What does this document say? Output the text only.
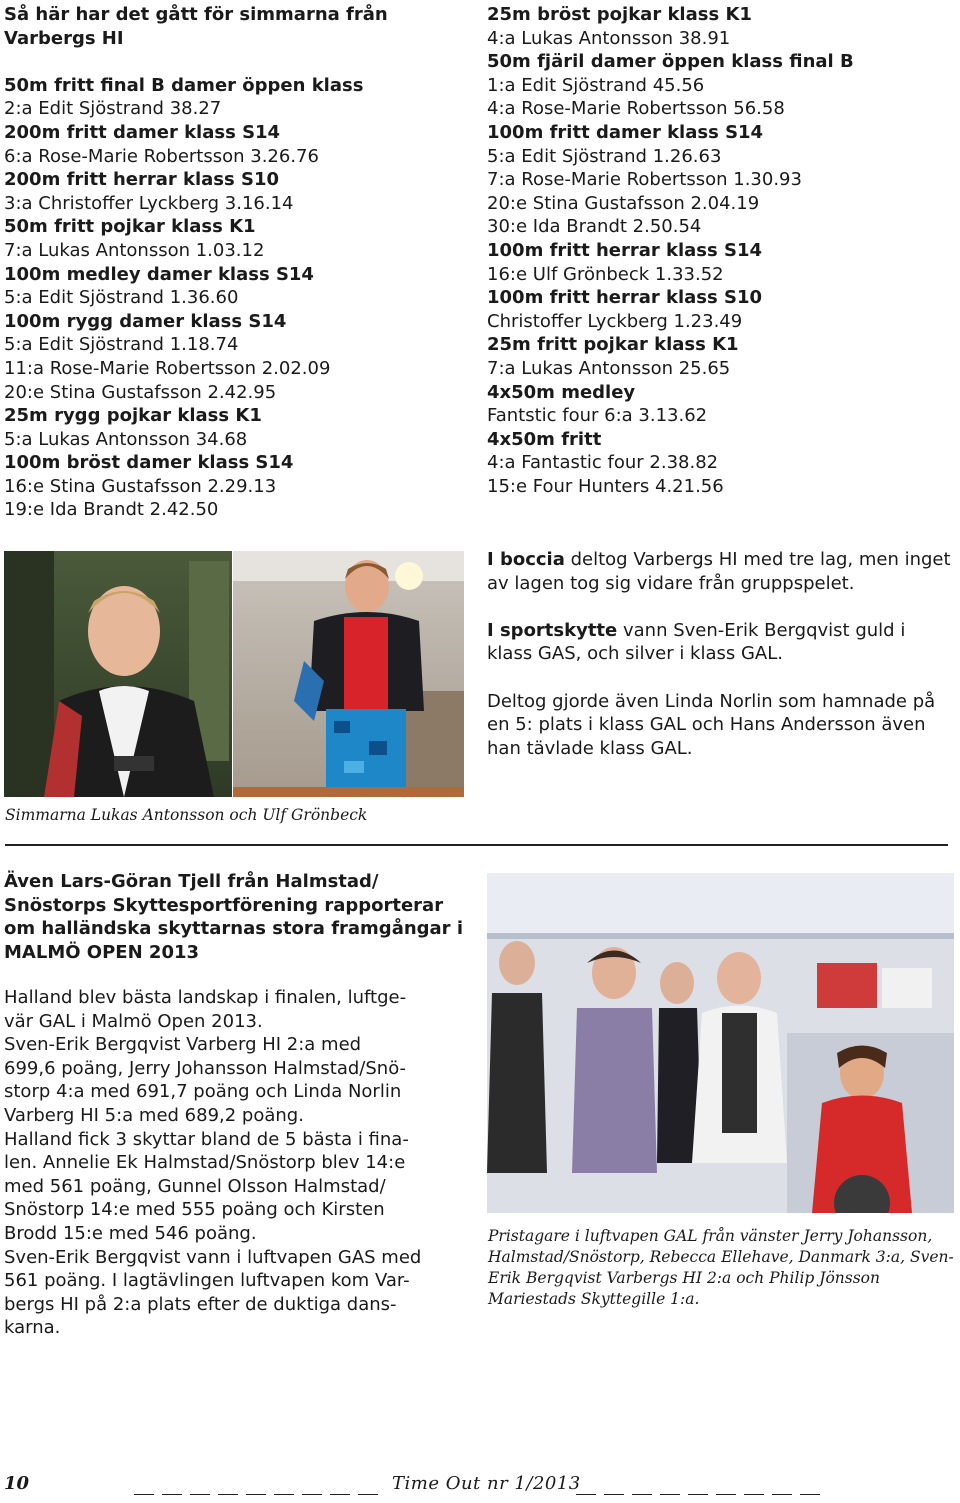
Så här har det gått för simmarna från Varbergs HI
50m fritt final B damer öppen klass
2:a Edit Sjöstrand 38.27
200m fritt damer klass S14
6:a Rose-Marie Robertsson 3.26.76
200m fritt herrar klass S10
3:a Christoffer Lyckberg 3.16.14
50m fritt pojkar klass K1
7:a Lukas Antonsson 1.03.12
100m medley damer klass S14
5:a Edit Sjöstrand 1.36.60
100m rygg damer klass S14
5:a Edit Sjöstrand 1.18.74
11:a Rose-Marie Robertsson 2.02.09
20:e Stina Gustafsson 2.42.95
25m rygg pojkar klass K1
5:a Lukas Antonsson 34.68
100m bröst damer klass S14
16:e Stina Gustafsson 2.29.13
19:e Ida Brandt 2.42.50
25m bröst pojkar klass K1
4:a Lukas Antonsson 38.91
50m fjäril damer öppen klass final B
1:a Edit Sjöstrand 45.56
4:a Rose-Marie Robertsson 56.58
100m fritt damer klass S14
5:a Edit Sjöstrand 1.26.63
7:a Rose-Marie Robertsson 1.30.93
20:e Stina Gustafsson 2.04.19
30:e Ida Brandt 2.50.54
100m fritt herrar klass S14
16:e Ulf Grönbeck 1.33.52
100m fritt herrar klass S10
Christoffer Lyckberg 1.23.49
25m fritt pojkar klass K1
7:a Lukas Antonsson 25.65
4x50m medley
Fantstic four 6:a 3.13.62
4x50m fritt
4:a Fantastic four 2.38.82
15:e Four Hunters 4.21.56

I boccia deltog Varbergs HI med tre lag, men inget av lagen tog sig vidare från gruppspelet.

I sportskytte vann Sven-Erik Bergqvist guld i klass GAS, och silver i klass GAL.

Deltog gjorde även Linda Norlin som hamnade på en 5: plats i klass GAL och Hans Andersson även han tävlade klass GAL.

Simmarna Lukas Antonsson och Ulf Grönbeck
Även Lars-Göran Tjell från Halmstad/ Snöstorps Skyttesportförening rapporterar om halländska skyttarnas stora framgångar i MALMÖ OPEN 2013
Halland blev bästa landskap i finalen, luftge-
vär GAL i Malmö Open 2013.
Sven-Erik Bergqvist Varberg HI 2:a med
699,6 poäng, Jerry Johansson Halmstad/Snö-
storp 4:a med 691,7 poäng och Linda Norlin
Varberg HI 5:a med 689,2 poäng.
Halland fick 3 skyttar bland de 5 bästa i fina-
len. Annelie Ek Halmstad/Snöstorp blev 14:e
med 561 poäng, Gunnel Olsson Halmstad/
Snöstorp 14:e med 555 poäng och Kirsten
Brodd 15:e med 546 poäng.
Sven-Erik Bergqvist vann i luftvapen GAS med
561 poäng. I lagtävlingen luftvapen kom Var-
bergs HI på 2:a plats efter de duktiga dans-
karna.
Pristagare i luftvapen GAL från vänster Jerry Johansson, Halmstad/Snöstorp, Rebecca Ellehave, Danmark 3:a, Sven-Erik Bergqvist Varbergs HI 2:a och Philip Jönsson Mariestads Skyttegille 1:a.
10	Time Out nr 1/2013
